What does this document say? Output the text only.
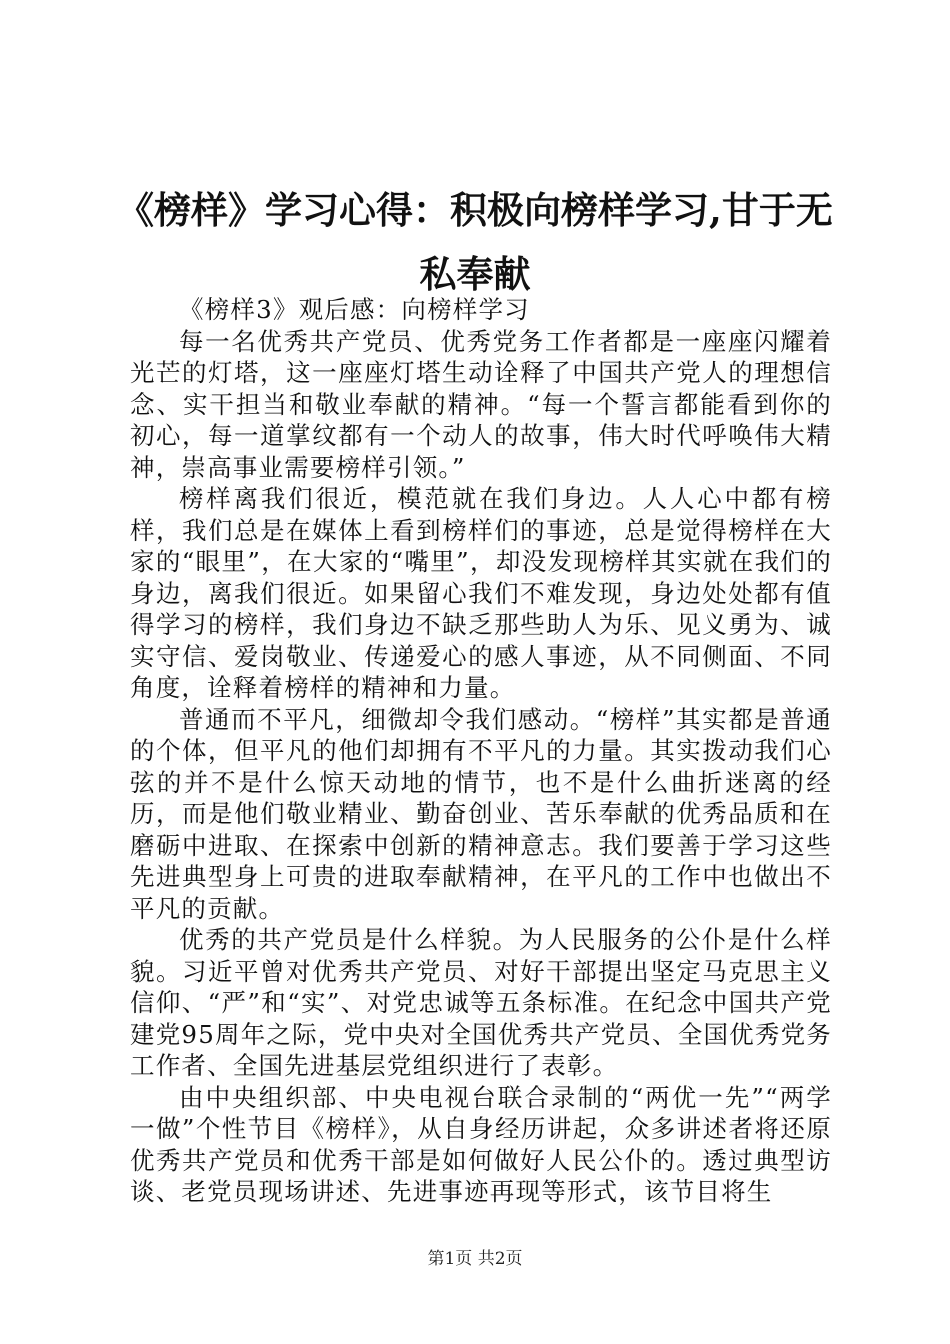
《榜样》学习心得：积极向榜样学习,甘于无私奉献

《榜样3》观后感：向榜样学习

每一名优秀共产党员、优秀党务工作者都是一座座闪耀着光芒的灯塔，这一座座灯塔生动诠释了中国共产党人的理想信念、实干担当和敬业奉献的精神。“每一个誓言都能看到你的初心，每一道掌纹都有一个动人的故事，伟大时代呼唤伟大精神，崇高事业需要榜样引领。”

榜样离我们很近，模范就在我们身边。人人心中都有榜样，我们总是在媒体上看到榜样们的事迹，总是觉得榜样在大家的“眼里”，在大家的“嘴里”，却没发现榜样其实就在我们的身边，离我们很近。如果留心我们不难发现，身边处处都有值得学习的榜样，我们身边不缺乏那些助人为乐、见义勇为、诚实守信、爱岗敬业、传递爱心的感人事迹，从不同侧面、不同角度，诠释着榜样的精神和力量。

普通而不平凡，细微却令我们感动。“榜样”其实都是普通的个体，但平凡的他们却拥有不平凡的力量。其实拨动我们心弦的并不是什么惊天动地的情节，也不是什么曲折迷离的经历，而是他们敬业精业、勤奋创业、苦乐奉献的优秀品质和在磨砺中进取、在探索中创新的精神意志。我们要善于学习这些先进典型身上可贵的进取奉献精神，在平凡的工作中也做出不平凡的贡献。

优秀的共产党员是什么样貌。为人民服务的公仆是什么样貌。习近平曾对优秀共产党员、对好干部提出坚定马克思主义信仰、“严”和“实”、对党忠诚等五条标准。在纪念中国共产党建党95周年之际，党中央对全国优秀共产党员、全国优秀党务工作者、全国先进基层党组织进行了表彰。

由中央组织部、中央电视台联合录制的“两优一先”“两学一做”个性节目《榜样》，从自身经历讲起，众多讲述者将还原优秀共产党员和优秀干部是如何做好人民公仆的。透过典型访谈、老党员现场讲述、先进事迹再现等形式，该节目将生

第1页 共2页
